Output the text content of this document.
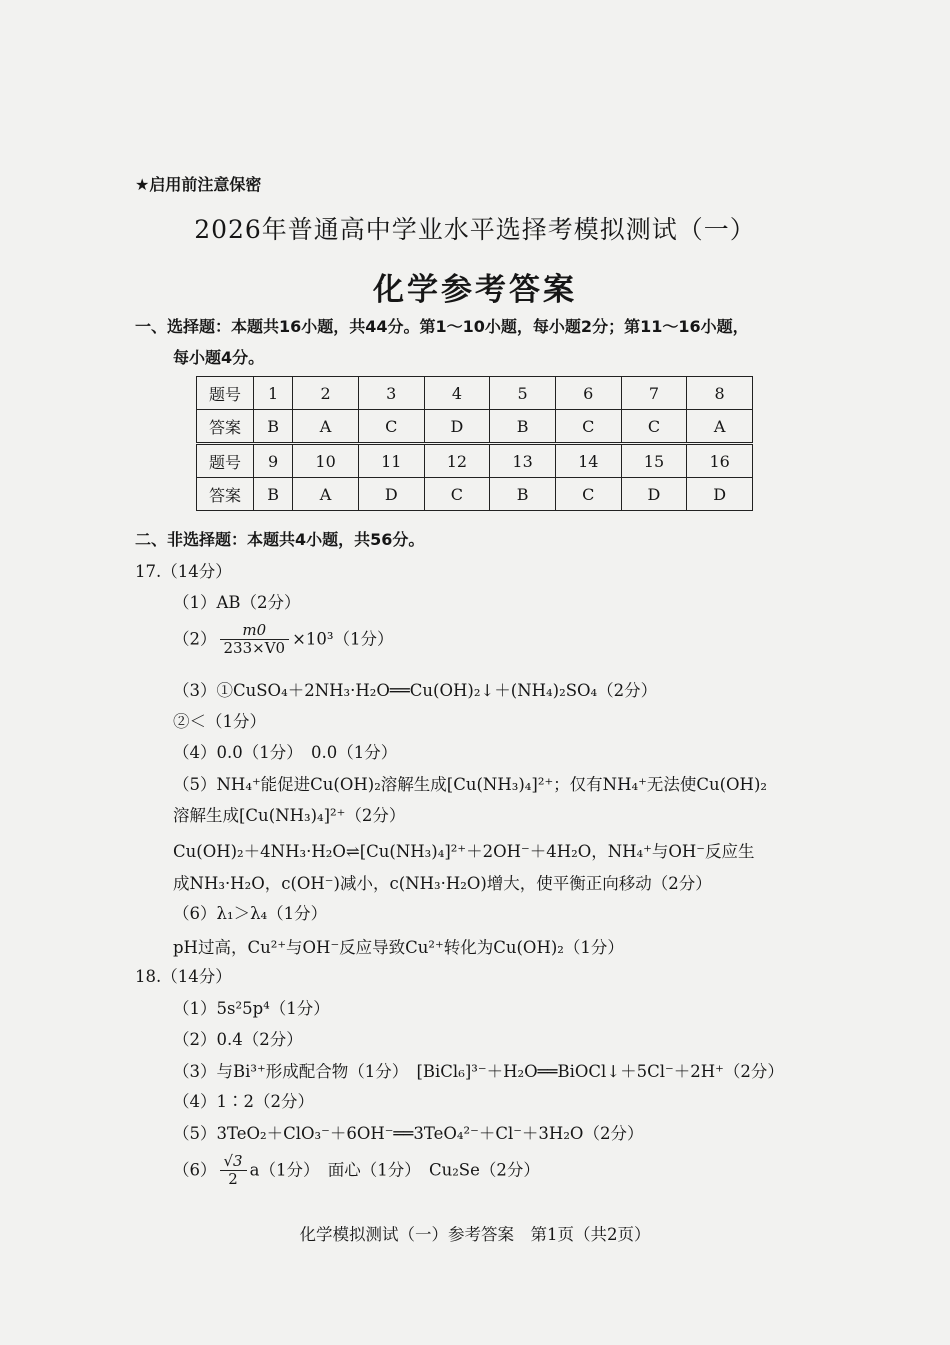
★启用前注意保密
2026年普通高中学业水平选择考模拟测试（一）
化学参考答案
一、选择题：本题共16小题，共44分。第1～10小题，每小题2分；第11～16小题，
每小题4分。
题号	1	2	3	4	5	6	7	8
答案	B	A	C	D	B	C	C	A
题号	9	10	11	12	13	14	15	16
答案	B	A	D	C	B	C	D	D
二、非选择题：本题共4小题，共56分。
17.（14分）
（1）AB（2分）
$(2) \frac{m0}{233\times V0} \times 10^3(1$分）
（3）①CuSO₄＋2NH₃·H₂O══Cu(OH)₂↓＋(NH₄)₂SO₄（2分）
②＜（1分）
（4）0.0（1分）　0.0（1分）
（5）NH₄⁺能促进Cu(OH)₂溶解生成[Cu(NH₃)₄]²⁺；仅有NH₄⁺无法使Cu(OH)₂
溶解生成[Cu(NH₃)₄]²⁺（2分）
Cu(OH)₂＋4NH₃·H₂O⇌[Cu(NH₃)₄]²⁺＋2OH⁻＋4H₂O，NH₄⁺与OH⁻反应生
成NH₃·H₂O，c(OH⁻)减小，c(NH₃·H₂O)增大，使平衡正向移动（2分）
（6）λ₁＞λ₄（1分）
pH过高，Cu²⁺与OH⁻反应导致Cu²⁺转化为Cu(OH)₂（1分）
18.（14分）
（1）5s²5p⁴（1分）
（2）0.4（2分）
（3）与Bi³⁺形成配合物（1分）　[BiCl₆]³⁻＋H₂O══BiOCl↓＋5Cl⁻＋2H⁺（2分）
（4）1∶2（2分）
（5）3TeO₂＋ClO₃⁻＋6OH⁻══3TeO₄²⁻＋Cl⁻＋3H₂O（2分）
$(6) \frac{√3}{2} a(1$分）　面心（1分）　Cu₂Se（2分）
化学模拟测试（一）参考答案　第1页（共2页）
